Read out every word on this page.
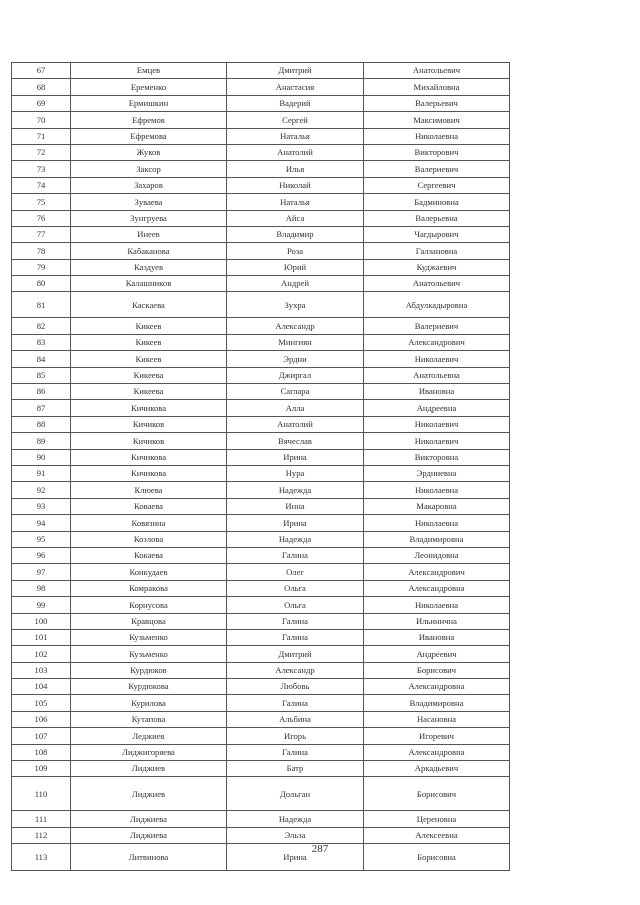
67	Емцев	Дмитрий	Анатольевич
68	Еременко	Анастасия	Михайловна
69	Ермишкин	Вадерий	Валерьевич
70	Ефремов	Сергей	Максимович
71	Ефремова	Наталья	Николаевна
72	Жуков	Анатолий	Викторович
73	Заксор	Илья	Валериевич
74	Захаров	Николай	Сергеевич
75	Зуваева	Наталья	Бадминовна
76	Зунгруева	Айса	Валерьевна
77	Инеев	Владимир	Чагдырович
78	Кабаканова	Роза	Галзановна
79	Каздуев	Юрий	Куджаевич
80	Калашников	Андрей	Анатольевич
81	Каскаева	Зухра	Абдулкадыровна
82	Кикеев	Александр	Валериевич
83	Кикеев	Мингиян	Александрович
84	Кикеев	Эрдни	Николаевич
85	Кикеева	Джиргал	Анатольевна
86	Кикеева	Саглара	Ивановна
87	Кичикова	Алла	Андреевна
88	Кичиков	Анатолий	Николаевич
89	Кичиков	Вячеслав	Николаевич
90	Кичикова	Ирина	Викторовна
91	Кичикова	Нура	Эрдниевна
92	Клюева	Надежда	Николаевна
93	Коваева	Инна	Макаровна
94	Ковязина	Ирина	Николаевна
95	Козлова	Надежда	Владимировна
96	Кокаева	Галина	Леонидовна
97	Конкудаев	Олег	Александрович
98	Комракова	Ольга	Александровна
99	Корнусова	Ольга	Николаевна
100	Кравцова	Галина	Ильинична
101	Кузьменко	Галина	Ивановна
102	Кузьменко	Дмитрий	Андреевич
103	Курдюков	Александр	Борисович
104	Курдюкова	Любовь	Александровна
105	Курилова	Галина	Владимировна
106	Кутапова	Альбина	Насановна
107	Леджиев	Игорь	Игоревич
108	Лиджигоряева	Галина	Александровна
109	Лиджиев	Батр	Аркадьевич
110	Лиджиев	Дольган	Борисович
111	Лиджиева	Надежда	Цереновна
112	Лиджиева	Эльза	Алексеевна
113	Литвинова	Ирина	Борисовна
287
